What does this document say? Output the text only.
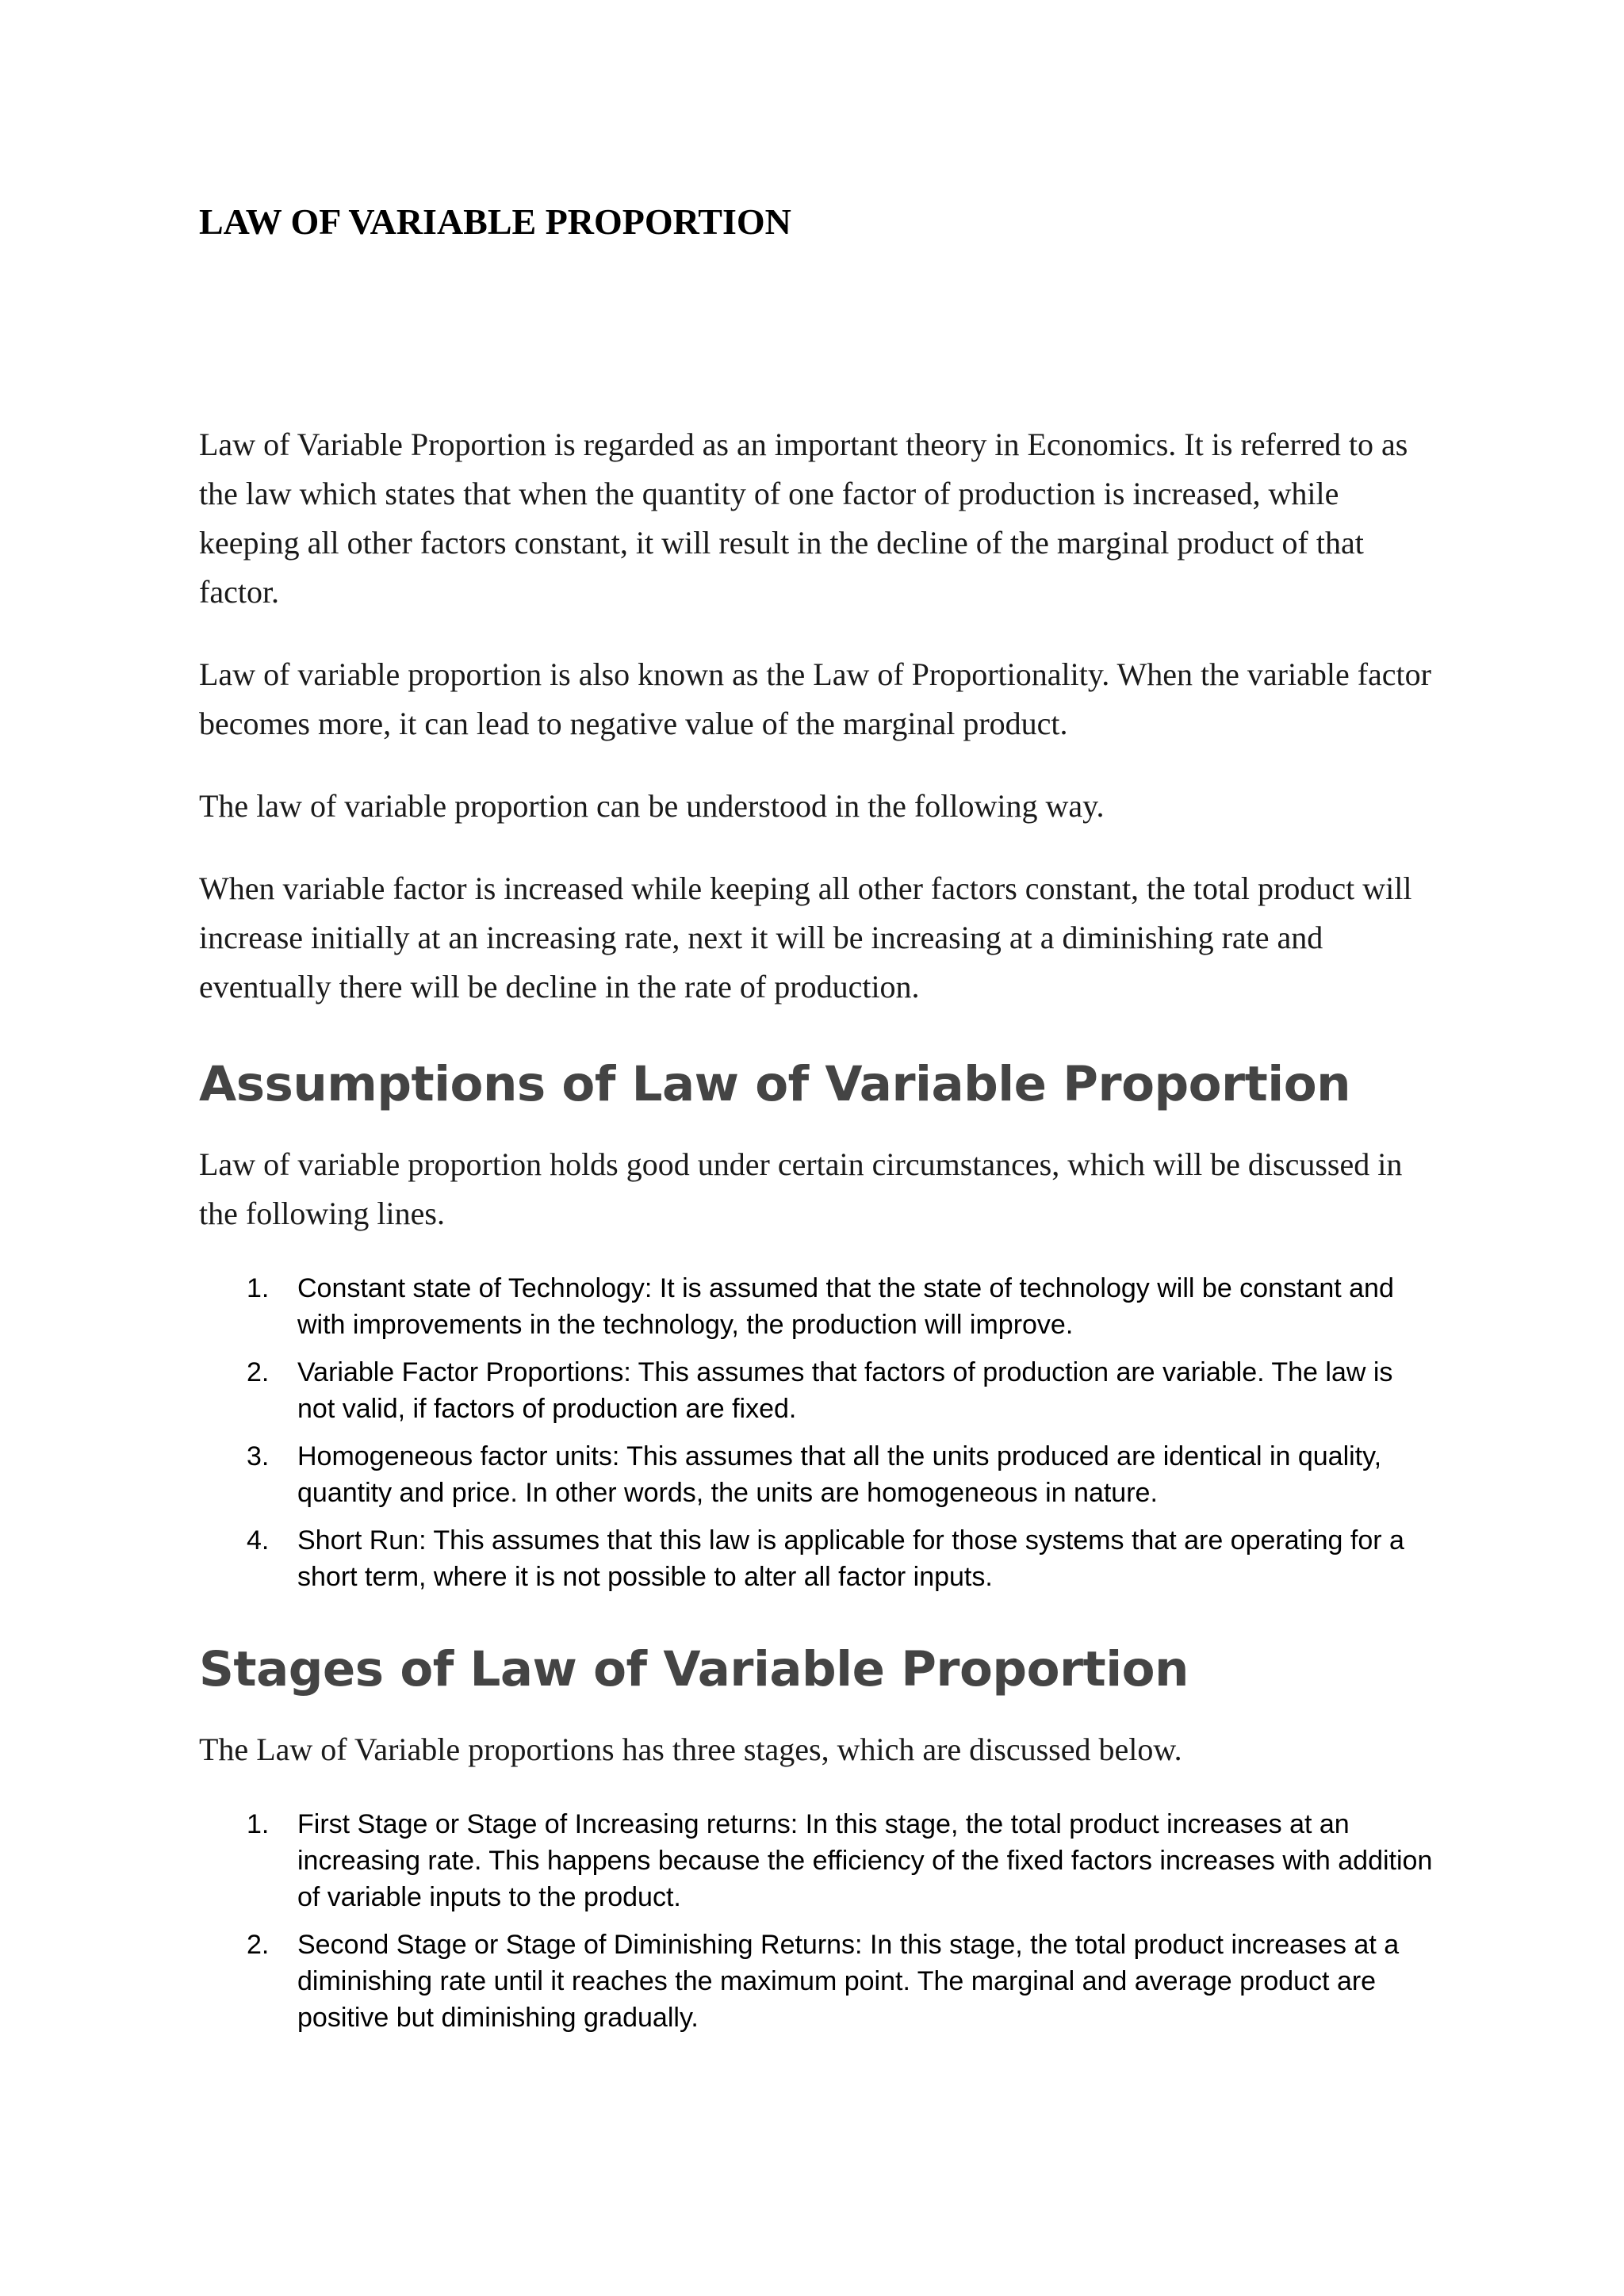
LAW OF VARIABLE PROPORTION

Law of Variable Proportion is regarded as an important theory in Economics. It is referred to as the law which states that when the quantity of one factor of production is increased, while keeping all other factors constant, it will result in the decline of the marginal product of that factor.

Law of variable proportion is also known as the Law of Proportionality. When the variable factor becomes more, it can lead to negative value of the marginal product.

The law of variable proportion can be understood in the following way.

When variable factor is increased while keeping all other factors constant, the total product will increase initially at an increasing rate, next it will be increasing at a diminishing rate and eventually there will be decline in the rate of production.

Assumptions of Law of Variable Proportion

Law of variable proportion holds good under certain circumstances, which will be discussed in the following lines.

1. Constant state of Technology: It is assumed that the state of technology will be constant and with improvements in the technology, the production will improve.
2. Variable Factor Proportions: This assumes that factors of production are variable. The law is not valid, if factors of production are fixed.
3. Homogeneous factor units: This assumes that all the units produced are identical in quality, quantity and price. In other words, the units are homogeneous in nature.
4. Short Run: This assumes that this law is applicable for those systems that are operating for a short term, where it is not possible to alter all factor inputs.
Stages of Law of Variable Proportion

The Law of Variable proportions has three stages, which are discussed below.

1. First Stage or Stage of Increasing returns: In this stage, the total product increases at an increasing rate. This happens because the efficiency of the fixed factors increases with addition of variable inputs to the product.
2. Second Stage or Stage of Diminishing Returns: In this stage, the total product increases at a diminishing rate until it reaches the maximum point. The marginal and average product are positive but diminishing gradually.
